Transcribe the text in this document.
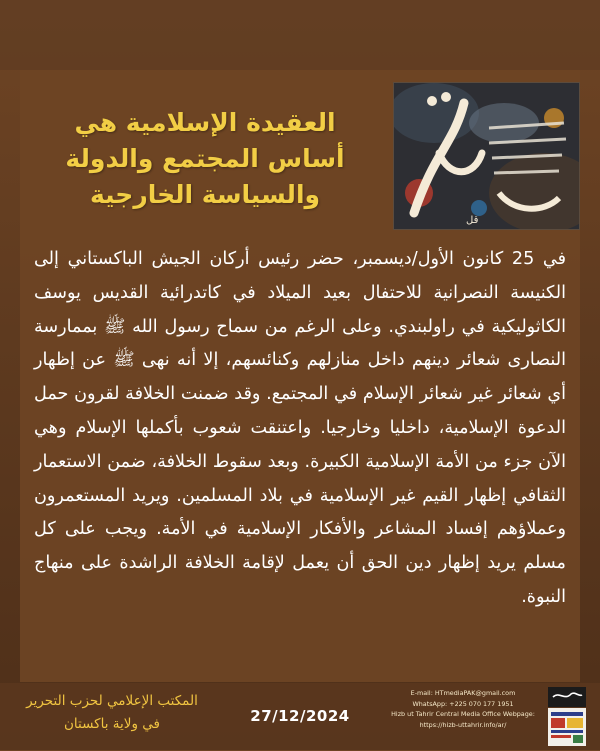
قل
العقيدة الإسلامية هي
أساس المجتمع والدولة
والسياسة الخارجية
في 25 كانون الأول/ديسمبر، حضر رئيس أركان الجيش الباكستاني إلى الكنيسة النصرانية للاحتفال بعيد الميلاد في كاتدرائية القديس يوسف الكاثوليكية في راولبندي. وعلى الرغم من سماح رسول الله ﷺ بممارسة النصارى شعائر دينهم داخل منازلهم وكنائسهم، إلا أنه نهى ﷺ عن إظهار أي شعائر غير شعائر الإسلام في المجتمع. وقد ضمنت الخلافة لقرون حمل الدعوة الإسلامية، داخليا وخارجيا. واعتنقت شعوب بأكملها الإسلام وهي الآن جزء من الأمة الإسلامية الكبيرة. وبعد سقوط الخلافة، ضمن الاستعمار الثقافي إظهار القيم غير الإسلامية في بلاد المسلمين. ويريد المستعمرون وعملاؤهم إفساد المشاعر والأفكار الإسلامية في الأمة. ويجب على كل مسلم يريد إظهار دين الحق أن يعمل لإقامة الخلافة الراشدة على منهاج النبوة.
المكتب الإعلامي لحزب التحرير
في ولاية باكستان	27/12/2024
E-mail: HTmediaPAK@gmail.com
WhatsApp: +225 070 177 1951
Hizb ut Tahrir Central Media Office Webpage:
https://hizb-uttahrir.info/ar/
